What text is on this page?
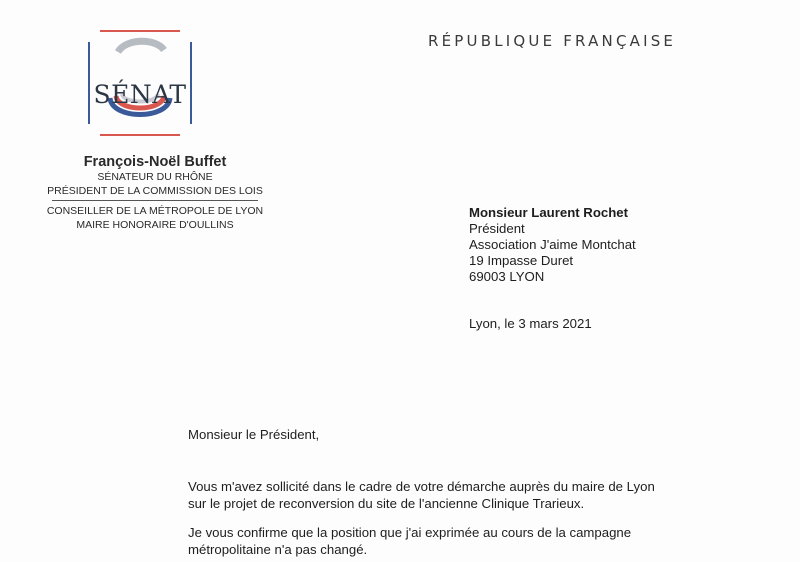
SÉNAT
RÉPUBLIQUE FRANÇAISE
François-Noël Buffet
SÉNATEUR DU RHÔNE
PRÉSIDENT DE LA COMMISSION DES LOIS
CONSEILLER DE LA MÉTROPOLE DE LYON
MAIRE HONORAIRE D'OULLINS
Monsieur Laurent Rochet
Président
Association J'aime Montchat
19 Impasse Duret
69003 LYON
Lyon, le 3 mars 2021
Monsieur le Président,
Vous m'avez sollicité dans le cadre de votre démarche auprès du maire de Lyon
sur le projet de reconversion du site de l'ancienne Clinique Trarieux.
Je vous confirme que la position que j'ai exprimée au cours de la campagne
métropolitaine n'a pas changé.
